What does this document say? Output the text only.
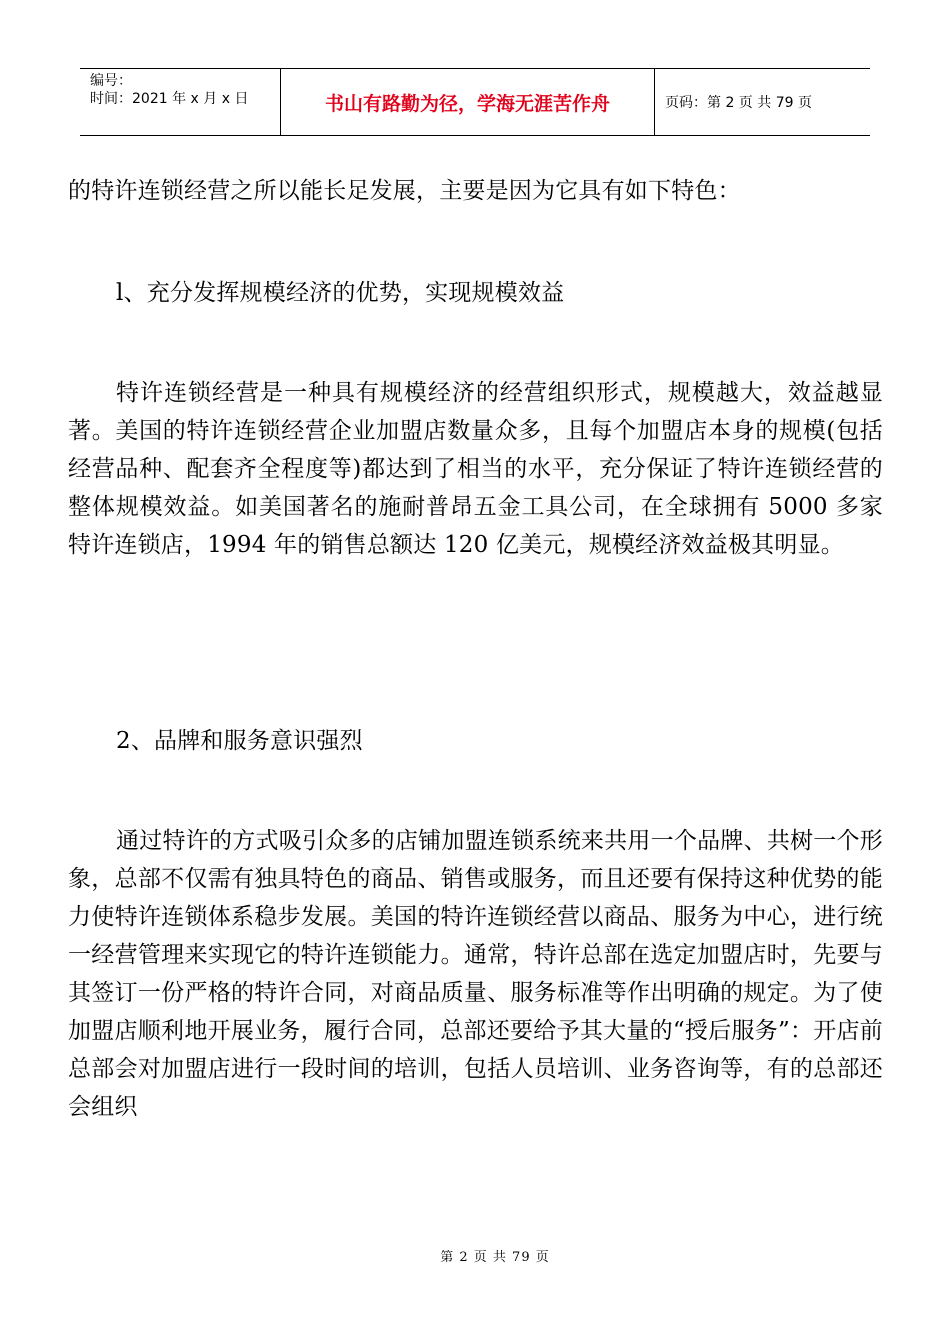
编号：
时间：2021 年 x 月 x 日	书山有路勤为径，学海无涯苦作舟	页码：第 2 页 共 79 页

的特许连锁经营之所以能长足发展，主要是因为它具有如下特色：

l、充分发挥规模经济的优势，实现规模效益

特许连锁经营是一种具有规模经济的经营组织形式，规模越大，效益越显著。美国的特许连锁经营企业加盟店数量众多，且每个加盟店本身的规模(包括经营品种、配套齐全程度等)都达到了相当的水平，充分保证了特许连锁经营的整体规模效益。如美国著名的施耐普昂五金工具公司，在全球拥有 5000 多家特许连锁店，1994 年的销售总额达 120 亿美元，规模经济效益极其明显。

2、品牌和服务意识强烈

通过特许的方式吸引众多的店铺加盟连锁系统来共用一个品牌、共树一个形象，总部不仅需有独具特色的商品、销售或服务，而且还要有保持这种优势的能力使特许连锁体系稳步发展。美国的特许连锁经营以商品、服务为中心，进行统一经营管理来实现它的特许连锁能力。通常，特许总部在选定加盟店时，先要与其签订一份严格的特许合同，对商品质量、服务标准等作出明确的规定。为了使加盟店顺利地开展业务，履行合同，总部还要给予其大量的“授后服务”：开店前总部会对加盟店进行一段时间的培训，包括人员培训、业务咨询等，有的总部还会组织

第 2 页 共 79 页
